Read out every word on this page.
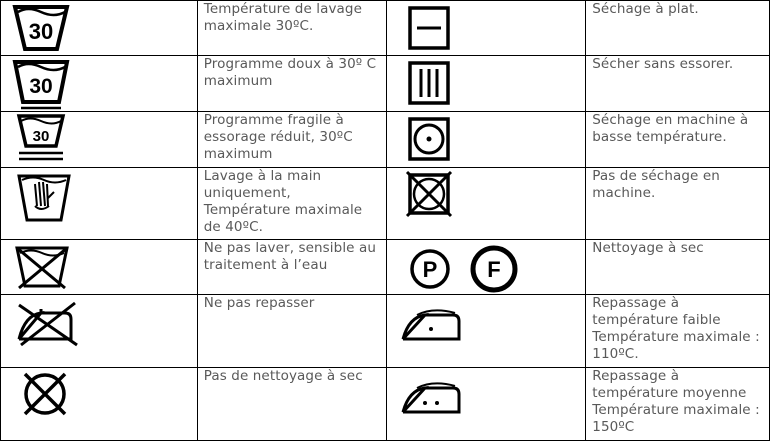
30	Température de lavage maximale 30ºC.		Séchage à plat.

30	Programme doux à 30º C maximum		Sécher sans essorer.

30	Programme fragile à essorage réduit, 30ºC maximum		Séchage en machine à basse température.

	Lavage à la main uniquement, Température maximale de 40ºC.		Pas de séchage en machine.

	Ne pas laver, sensible au traitement à l’eau	P F	Nettoyage à sec

	Ne pas repasser		Repassage à température faible Température maximale : 110ºC.

	Pas de nettoyage à sec		Repassage à température moyenne Température maximale : 150ºC
